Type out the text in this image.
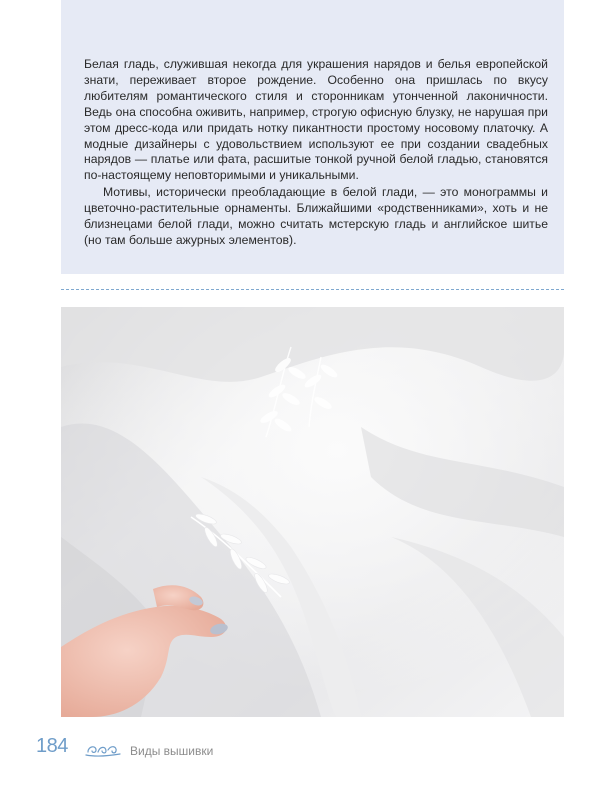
Белая гладь, служившая некогда для украшения нарядов и белья европейской знати, переживает второе рождение. Особенно она пришлась по вкусу любителям романтического стиля и сторонникам утонченной лаконичности. Ведь она способна оживить, например, строгую офисную блузку, не нарушая при этом дресс-кода или придать нотку пикантности простому носовому платочку. А модные дизайнеры с удовольствием используют ее при создании свадебных нарядов — платье или фата, расшитые тонкой ручной белой гладью, становятся по-настоящему неповторимыми и уникальными.

Мотивы, исторически преобладающие в белой глади, — это монограммы и цветочно-растительные орнаменты. Ближайшими «родственниками», хоть и не близнецами белой глади, можно считать мстерскую гладь и английское шитье (но там больше ажурных элементов).

184	Виды вышивки
